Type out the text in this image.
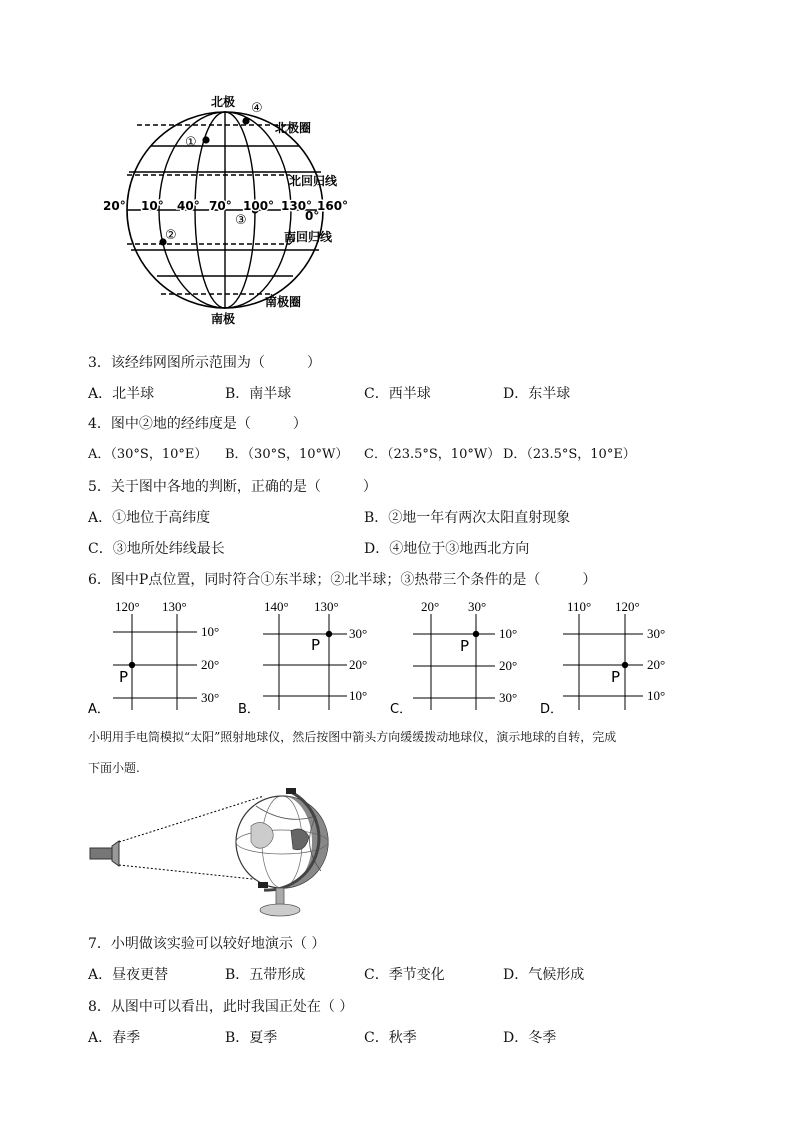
①
②
③
④
北极
南极
北极圈
北回归线
南回归线
南极圈
0°
20° 10° 40° 70° 100° 130° 160°
3．该经纬网图所示范围为（　　　）
A．北半球	B．南半球	C．西半球	D．东半球
4．图中②地的经纬度是（　　　）
A．（30°S，10°E） B．（30°S，10°W） C．（23.5°S，10°W） D．（23.5°S，10°E）
5．关于图中各地的判断，正确的是（　　　）
A．①地位于高纬度	B．②地一年有两次太阳直射现象
C．③地所处纬线最长	D．④地位于③地西北方向
6．图中P点位置，同时符合①东半球；②北半球；③热带三个条件的是（　　　）
120° 130°
10°
20°
30°
P
A．
140° 130°
30°
20°
10°
P
B．
20° 30°
10°
20°
30°
P
C．
110° 120°
30°
20°
10°
P
D．
小明用手电筒模拟“太阳”照射地球仪，然后按图中箭头方向缓缓拨动地球仪，演示地球的自转，完成
下面小题.
7．小明做该实验可以较好地演示（ ）
A．昼夜更替	B．五带形成	C．季节变化	D．气候形成
8．从图中可以看出，此时我国正处在（ ）
A．春季	B．夏季	C．秋季	D．冬季
